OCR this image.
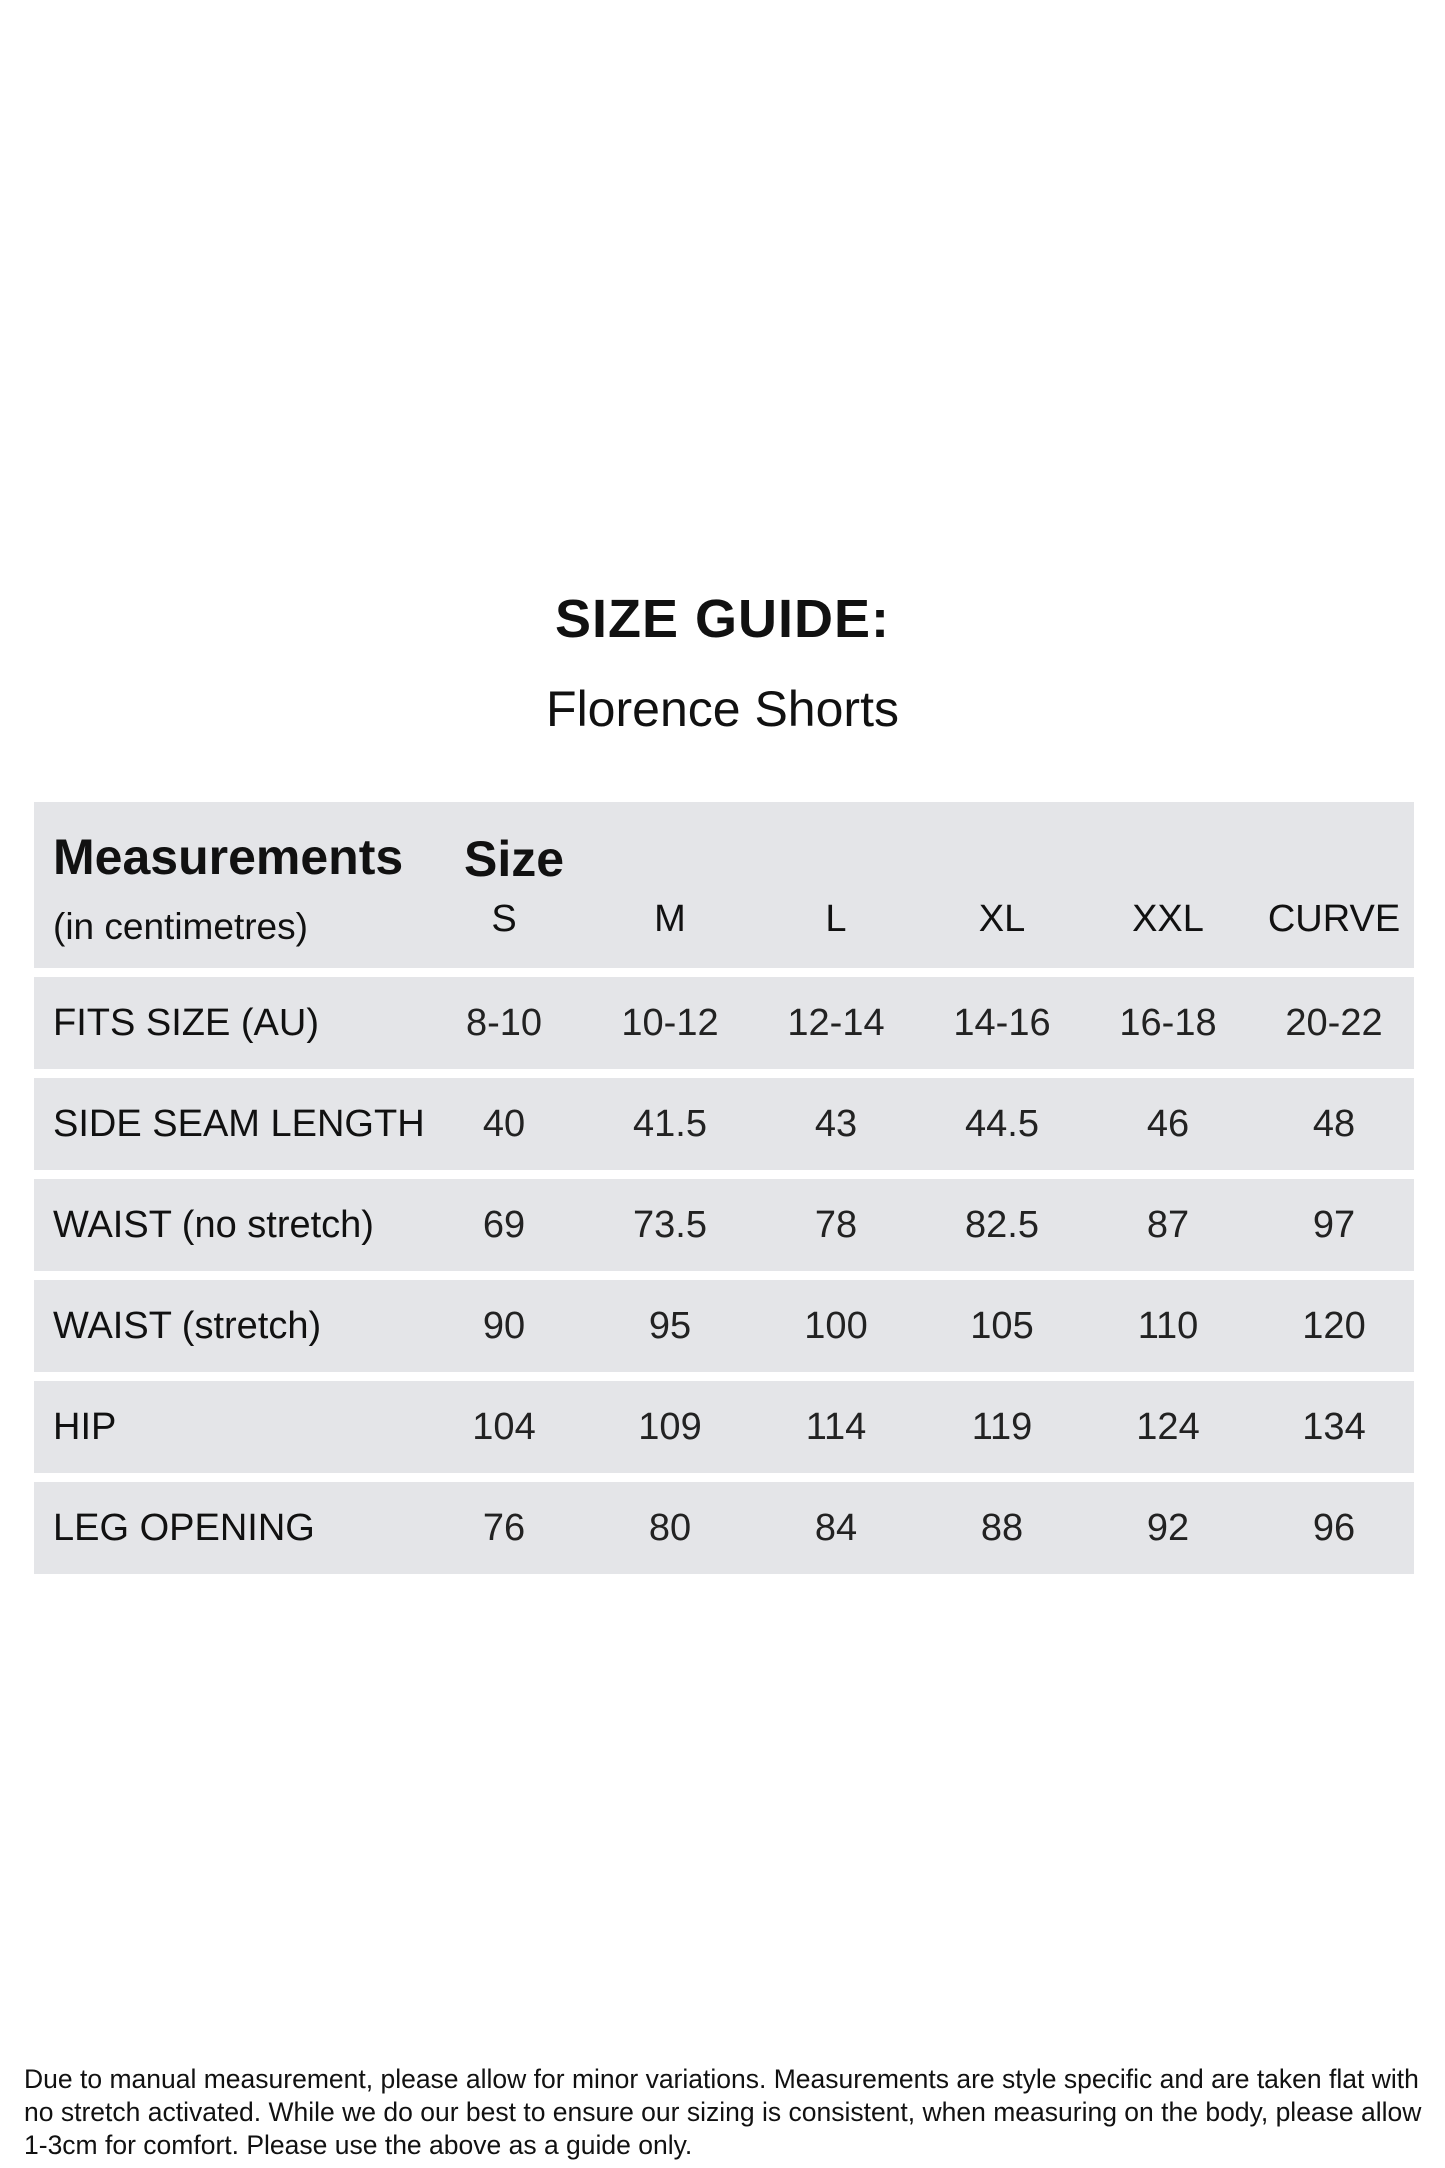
SIZE GUIDE:
Florence Shorts
Measurements
(in centimetres)
Size
S	M	L	XL	XXL	CURVE
FITS SIZE (AU)	8-10	10-12	12-14	14-16	16-18	20-22
SIDE SEAM LENGTH	40	41.5	43	44.5	46	48
WAIST (no stretch)	69	73.5	78	82.5	87	97
WAIST (stretch)	90	95	100	105	110	120
HIP	104	109	114	119	124	134
LEG OPENING	76	80	84	88	92	96
Due to manual measurement, please allow for minor variations. Measurements are style specific and are taken flat with no stretch activated. While we do our best to ensure our sizing is consistent, when measuring on the body, please allow 1-3cm for comfort. Please use the above as a guide only.
